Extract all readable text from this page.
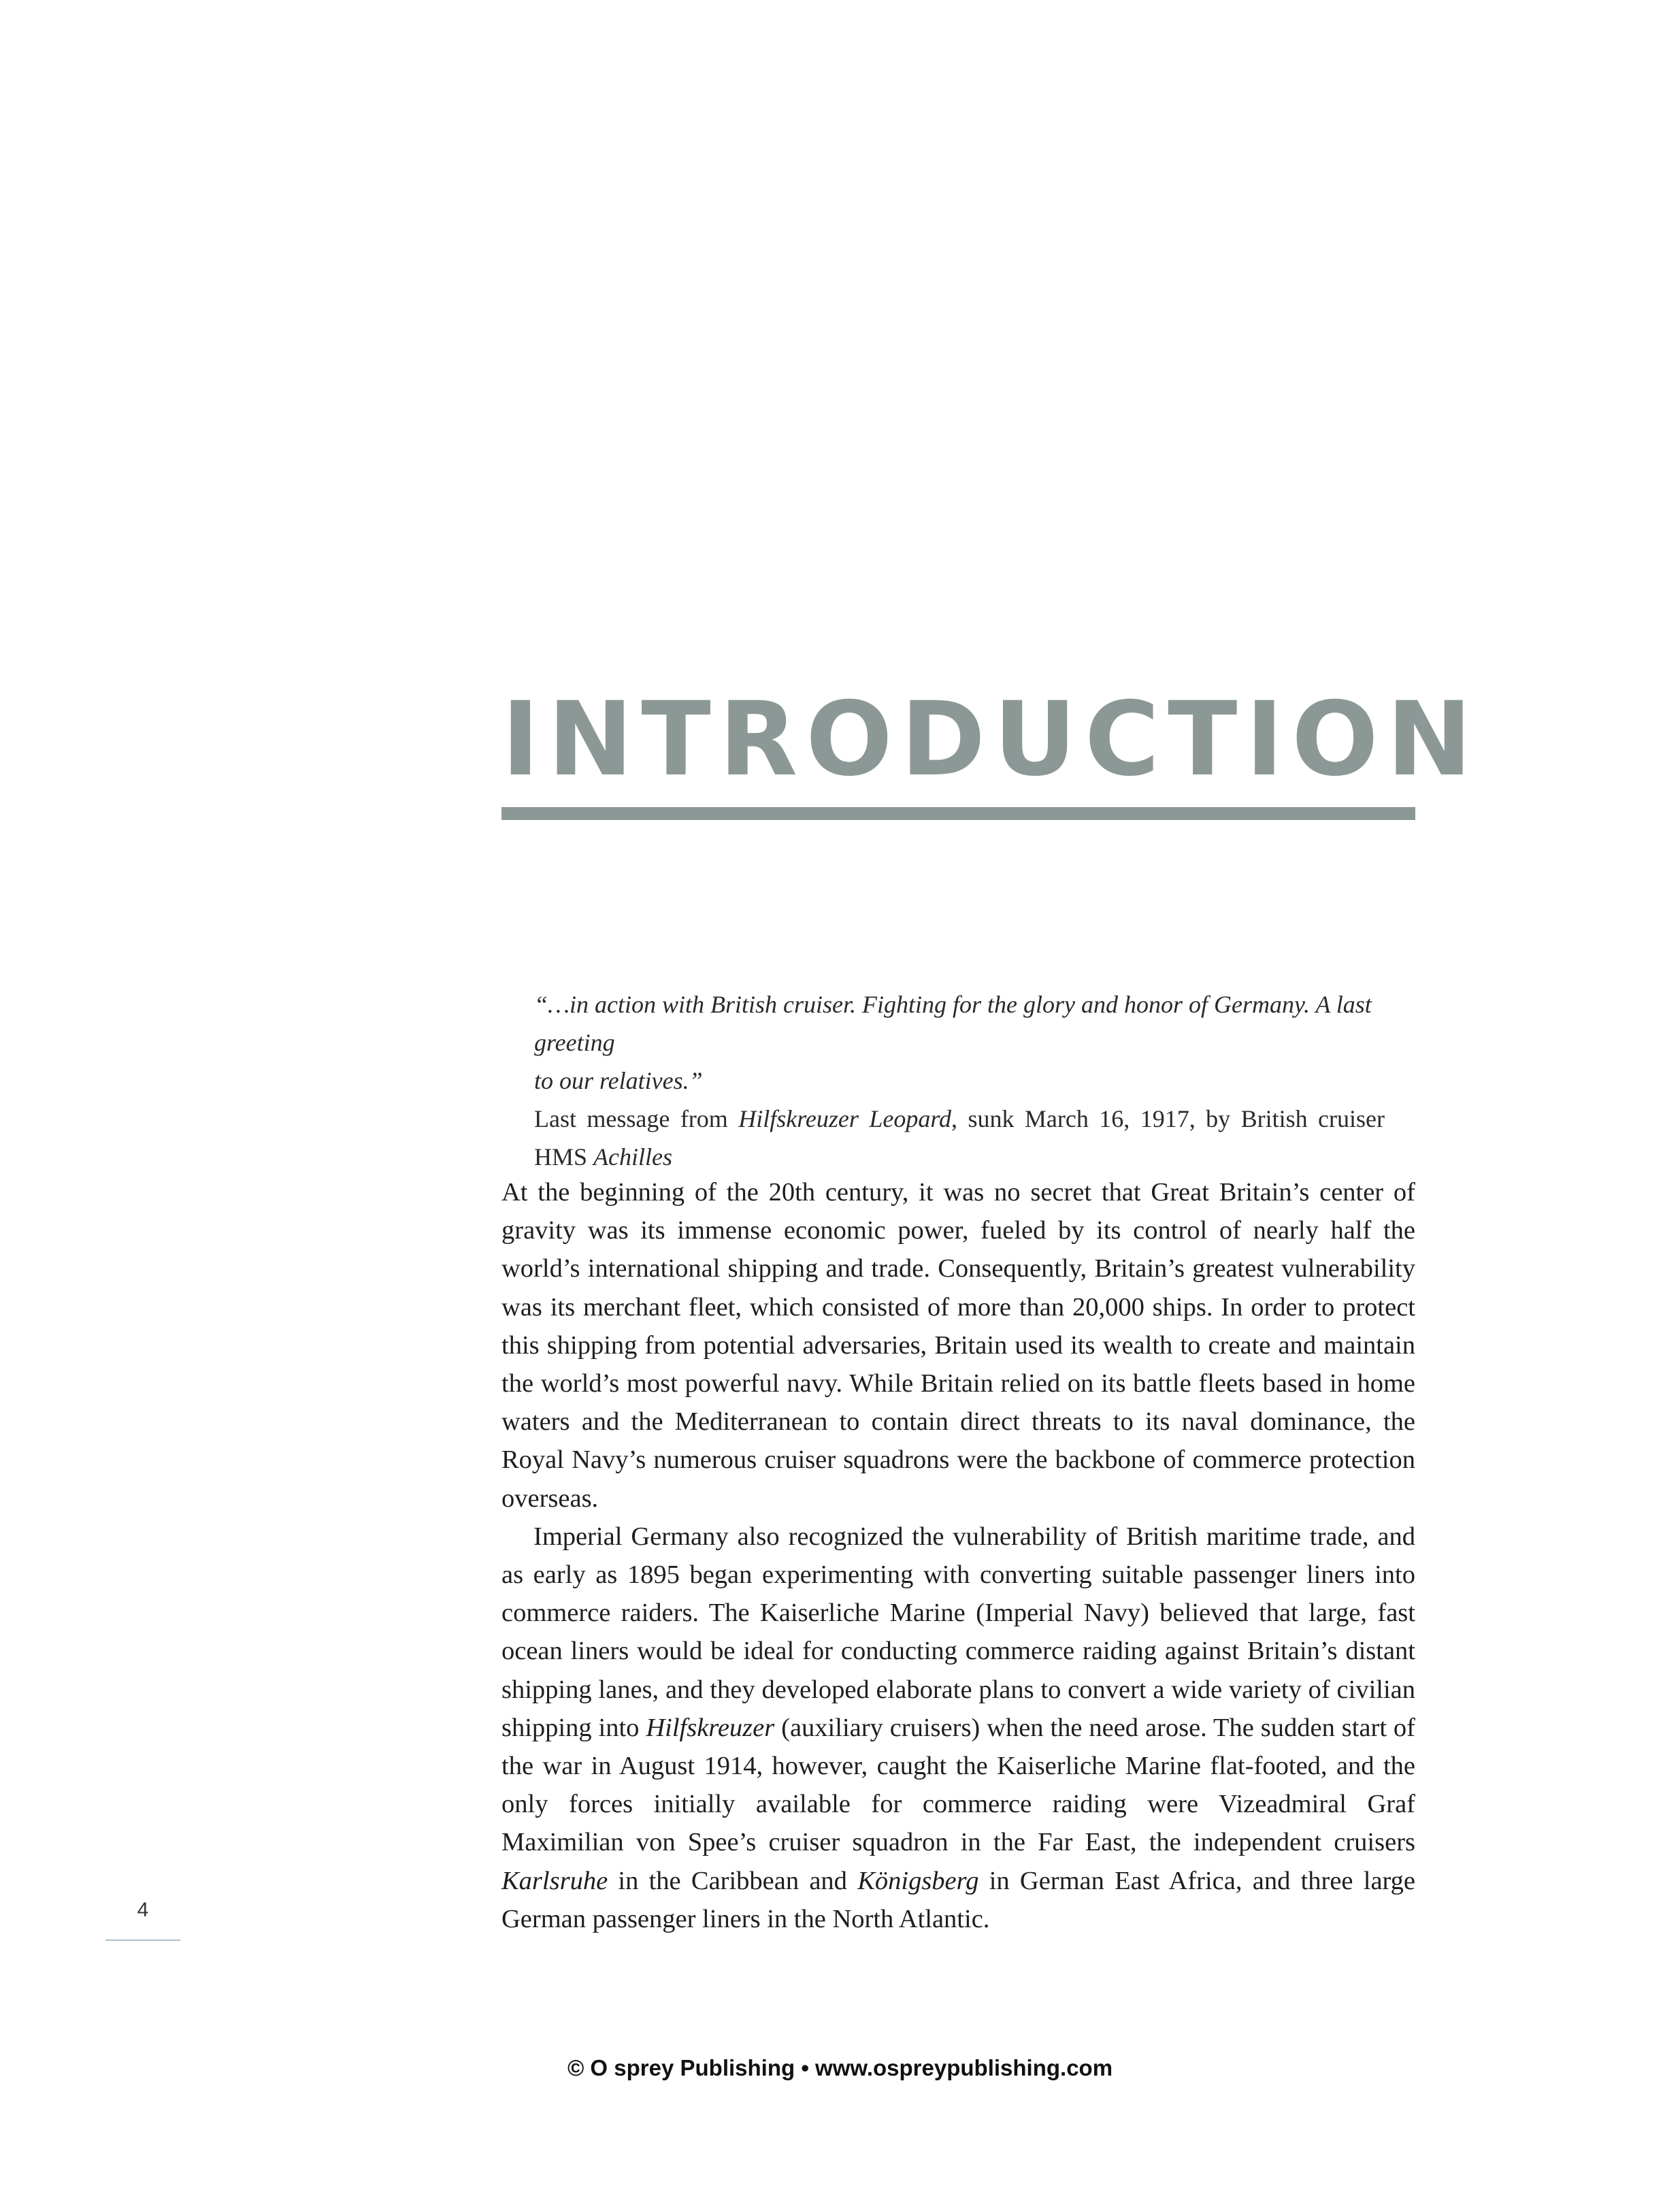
INTRODUCTION

“…in action with British cruiser. Fighting for the glory and honor of Germany. A last greeting
to our relatives.”

Last message from Hilfskreuzer Leopard, sunk March 16, 1917, by British cruiser HMS Achilles

At the beginning of the 20th century, it was no secret that Great Britain’s center of gravity was its immense economic power, fueled by its control of nearly half the world’s international shipping and trade. Consequently, Britain’s greatest vulnerability was its merchant fleet, which consisted of more than 20,000 ships. In order to protect this shipping from potential adversaries, Britain used its wealth to create and maintain the world’s most powerful navy. While Britain relied on its battle fleets based in home waters and the Mediterranean to contain direct threats to its naval dominance, the Royal Navy’s numerous cruiser squadrons were the backbone of commerce protection overseas.

Imperial Germany also recognized the vulnerability of British maritime trade, and as early as 1895 began experimenting with converting suitable passenger liners into commerce raiders. The Kaiserliche Marine (Imperial Navy) believed that large, fast ocean liners would be ideal for conducting commerce raiding against Britain’s distant shipping lanes, and they developed elaborate plans to convert a wide variety of civilian shipping into Hilfskreuzer (auxiliary cruisers) when the need arose. The sudden start of the war in August 1914, however, caught the Kaiserliche Marine flat-footed, and the only forces initially available for commerce raiding were Vizeadmiral Graf Maximilian von Spee’s cruiser squadron in the Far East, the independent cruisers Karlsruhe in the Caribbean and Königsberg in German East Africa, and three large German passenger liners in the North Atlantic.

4
© O sprey Publishing • www.ospreypublishing.com
